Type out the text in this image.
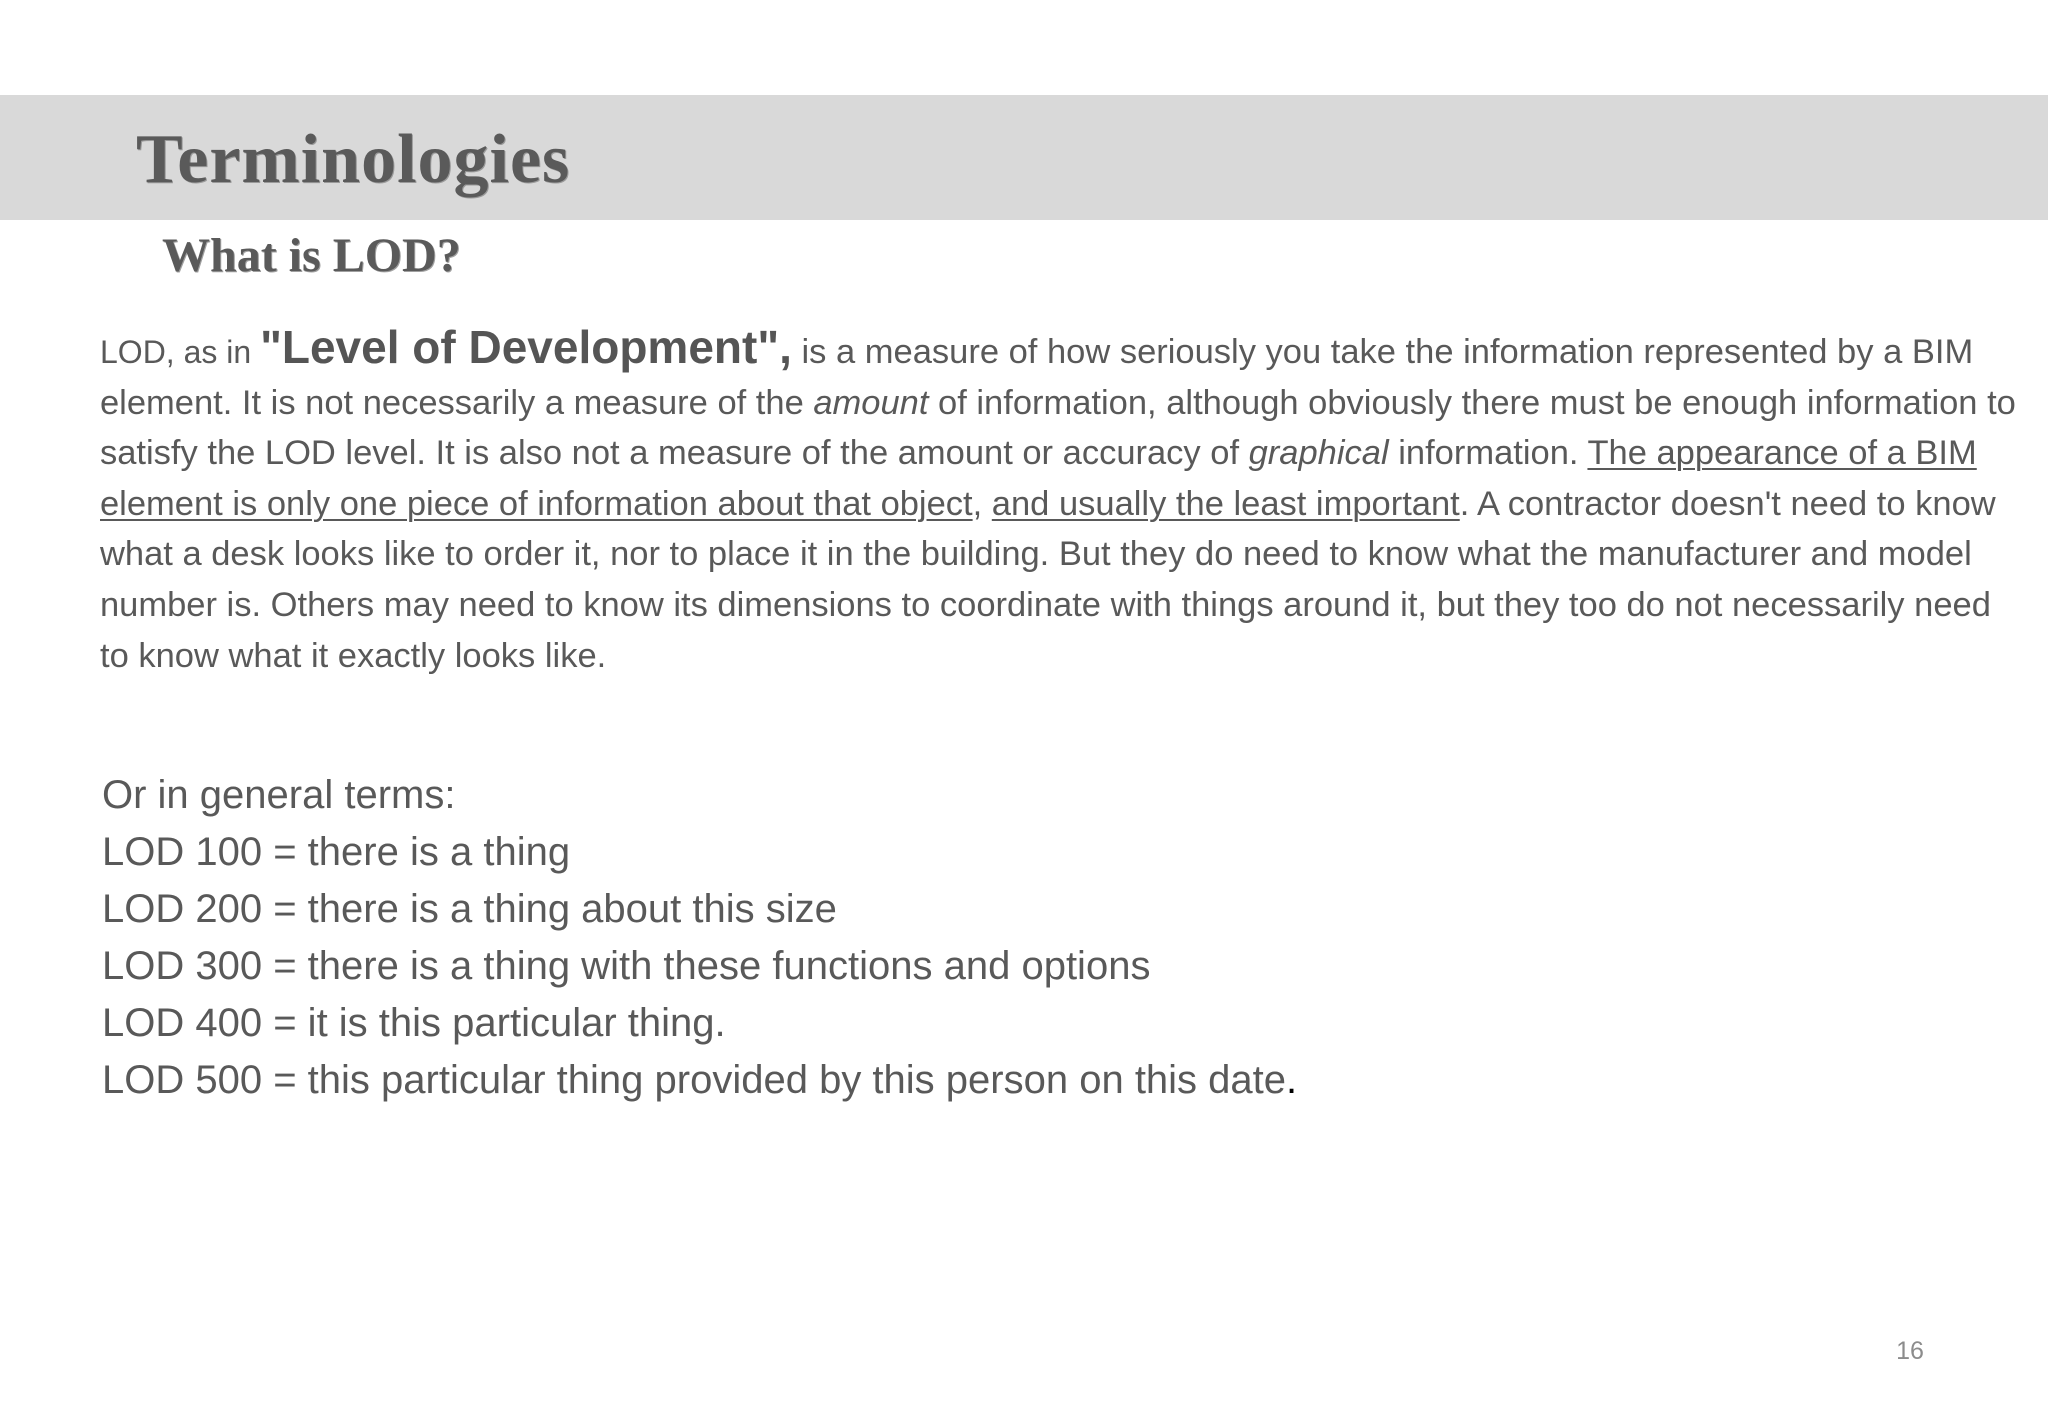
Terminologies
What is LOD?

LOD, as in "Level of Development", is a measure of how seriously you take the information represented by a BIM element. It is not necessarily a measure of the amount of information, although obviously there must be enough information to satisfy the LOD level. It is also not a measure of the amount or accuracy of graphical information. The appearance of a BIM element is only one piece of information about that object, and usually the least important. A contractor doesn't need to know what a desk looks like to order it, nor to place it in the building. But they do need to know what the manufacturer and model number is. Others may need to know its dimensions to coordinate with things around it, but they too do not necessarily need to know what it exactly looks like.

Or in general terms:
LOD 100 = there is a thing
LOD 200 = there is a thing about this size
LOD 300 = there is a thing with these functions and options
LOD 400 = it is this particular thing.
LOD 500 = this particular thing provided by this person on this date.
16
